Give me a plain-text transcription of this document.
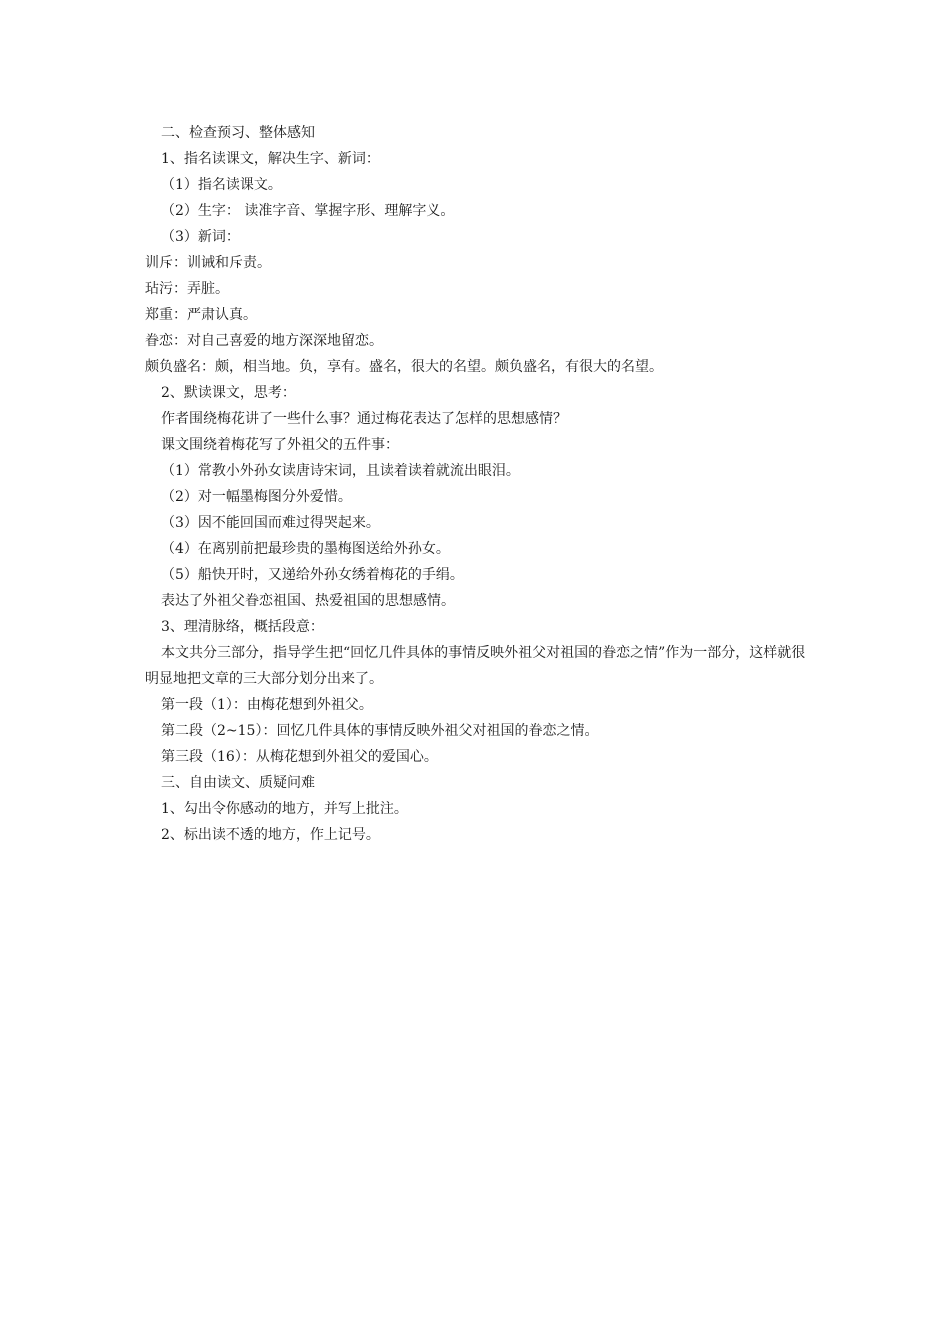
二、检查预习、整体感知
1、指名读课文，解决生字、新词：
（1）指名读课文。
（2）生字： 读准字音、掌握字形、理解字义。
（3）新词：
训斥：训诫和斥责。
玷污：弄脏。
郑重：严肃认真。
眷恋：对自己喜爱的地方深深地留恋。
颇负盛名：颇，相当地。负，享有。盛名，很大的名望。颇负盛名，有很大的名望。
2、默读课文，思考：
作者围绕梅花讲了一些什么事？通过梅花表达了怎样的思想感情？
课文围绕着梅花写了外祖父的五件事：
（1）常教小外孙女读唐诗宋词，且读着读着就流出眼泪。
（2）对一幅墨梅图分外爱惜。
（3）因不能回国而难过得哭起来。
（4）在离别前把最珍贵的墨梅图送给外孙女。
（5）船快开时，又递给外孙女绣着梅花的手绢。
表达了外祖父眷恋祖国、热爱祖国的思想感情。
3、理清脉络，概括段意：
本文共分三部分，指导学生把“回忆几件具体的事情反映外祖父对祖国的眷恋之情”作为一部分，这样就很明显地把文章的三大部分划分出来了。
第一段（1）：由梅花想到外祖父。
第二段（2~15）：回忆几件具体的事情反映外祖父对祖国的眷恋之情。
第三段（16）：从梅花想到外祖父的爱国心。
三、自由读文、质疑问难
1、勾出令你感动的地方，并写上批注。
2、标出读不透的地方，作上记号。
